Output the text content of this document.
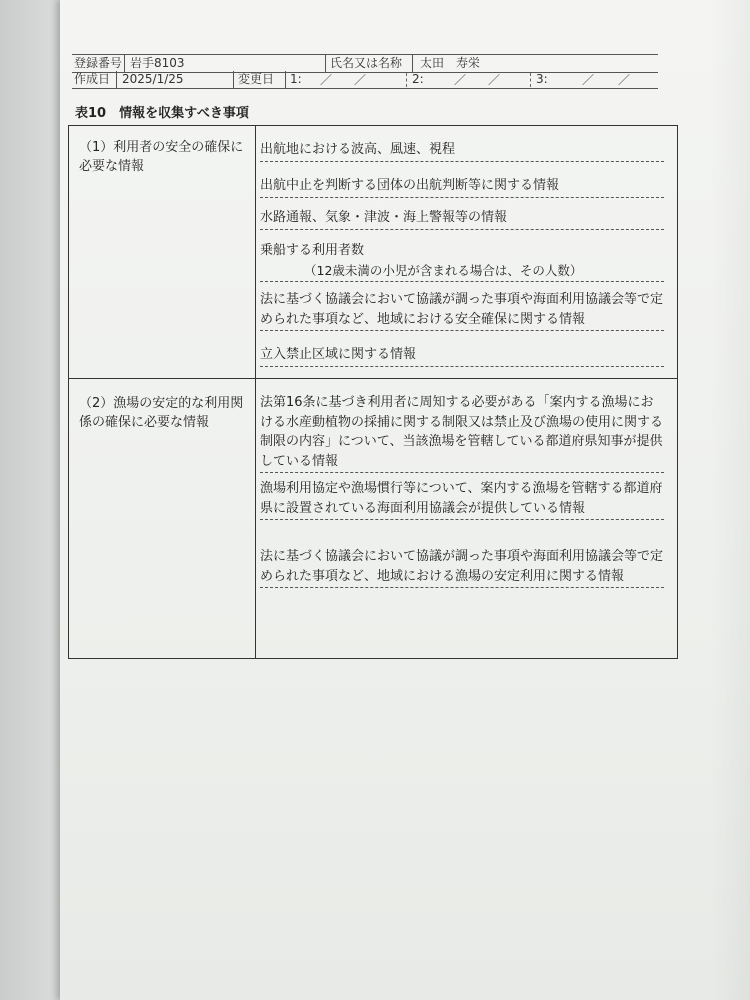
登録番号 岩手8103	氏名又は名称 太田　寿栄
作成日 2025/1/25	変更日 1: ／ ／	2:	／ ／	3:	／ ／
表10　情報を収集すべき事項
（1）利用者の安全の確保に必要な情報
出航地における波高、風速、視程
出航中止を判断する団体の出航判断等に関する情報
水路通報、気象・津波・海上警報等の情報
乗船する利用者数
（12歳未満の小児が含まれる場合は、その人数）
法に基づく協議会において協議が調った事項や海面利用協議会等で定められた事項など、地域における安全確保に関する情報
立入禁止区域に関する情報
（2）漁場の安定的な利用関係の確保に必要な情報
法第16条に基づき利用者に周知する必要がある「案内する漁場における水産動植物の採捕に関する制限又は禁止及び漁場の使用に関する制限の内容」について、当該漁場を管轄している都道府県知事が提供している情報
漁場利用協定や漁場慣行等について、案内する漁場を管轄する都道府県に設置されている海面利用協議会が提供している情報
法に基づく協議会において協議が調った事項や海面利用協議会等で定められた事項など、地域における漁場の安定利用に関する情報
